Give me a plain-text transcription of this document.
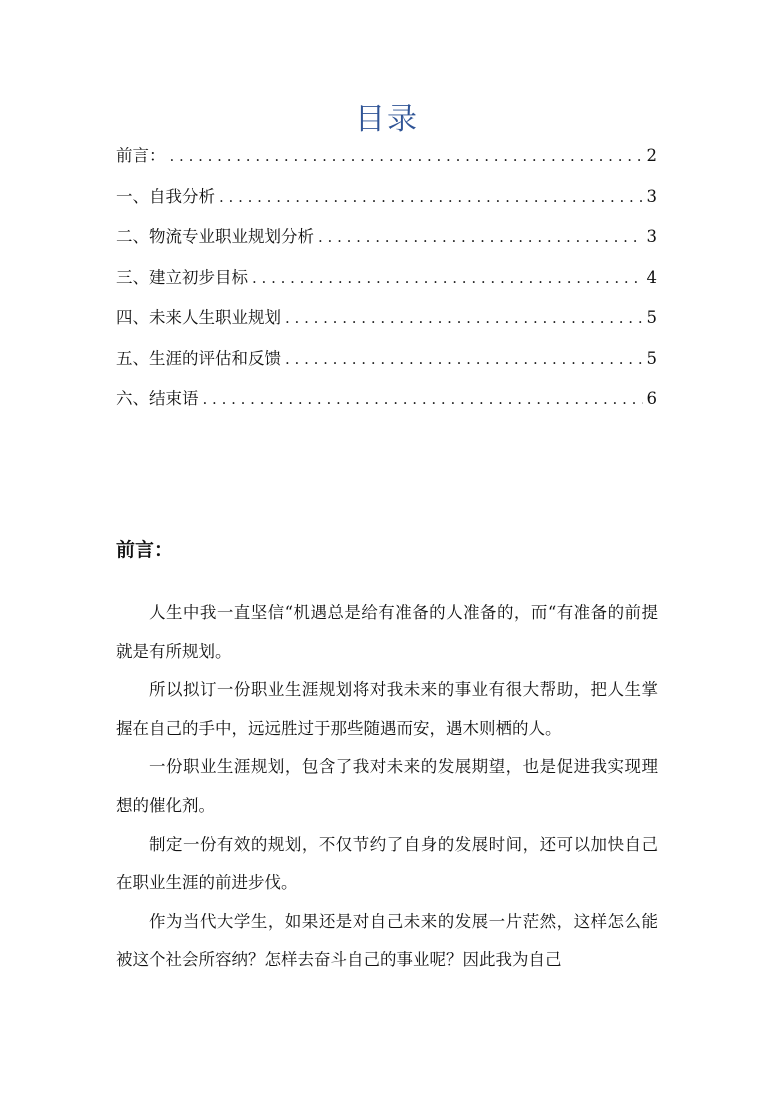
目录
前言： . . .	2
一、自我分析 . . .	3
二、物流专业职业规划分析 . . .	3
三、建立初步目标 . . .	4
四、未来人生职业规划 . . .	5
五、生涯的评估和反馈 . . .	5
六、结束语 . . .	6
前言：

人生中我一直坚信“机遇总是给有准备的人准备的，而“有准备的前提就是有所规划。

所以拟订一份职业生涯规划将对我未来的事业有很大帮助，把人生掌握在自己的手中，远远胜过于那些随遇而安，遇木则栖的人。

一份职业生涯规划，包含了我对未来的发展期望，也是促进我实现理想的催化剂。

制定一份有效的规划，不仅节约了自身的发展时间，还可以加快自己在职业生涯的前进步伐。

作为当代大学生，如果还是对自己未来的发展一片茫然，这样怎么能被这个社会所容纳？怎样去奋斗自己的事业呢？因此我为自己
